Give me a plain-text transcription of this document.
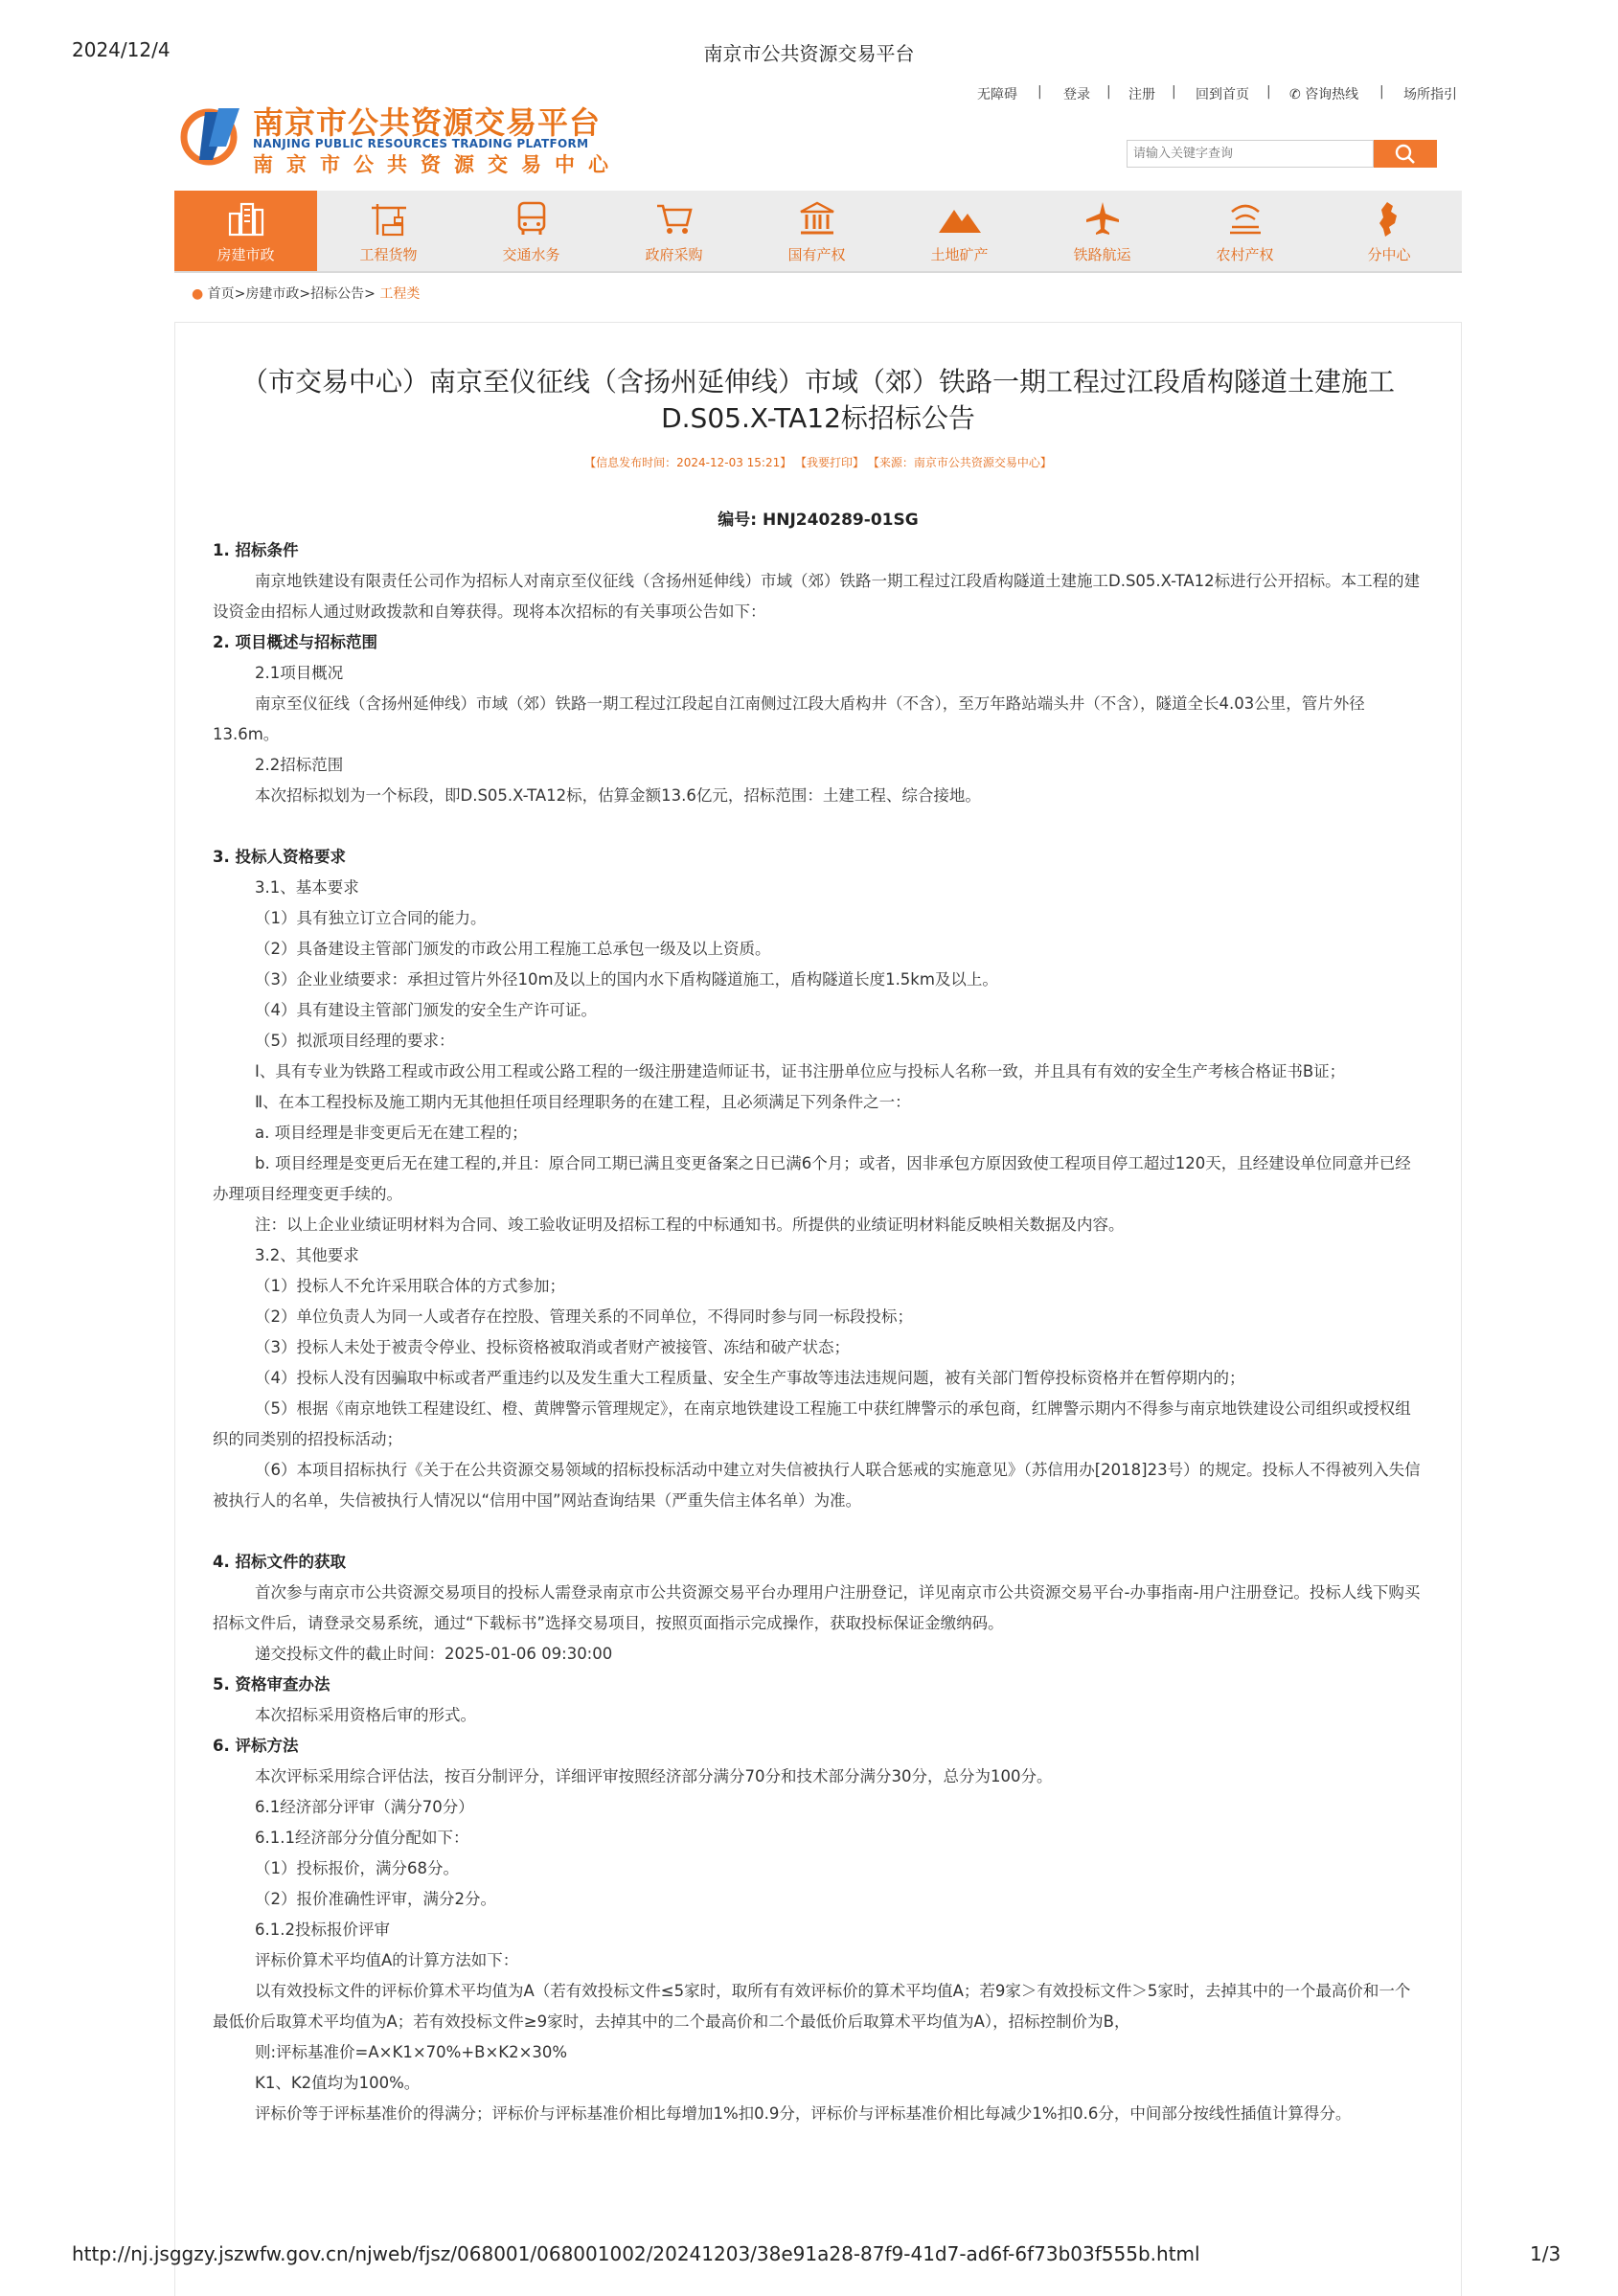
2024/12/4	南京市公共资源交易平台
南京市公共资源交易平台
NANJING PUBLIC RESOURCES TRADING PLATFORM
南京市公共资源交易中心
无障碍 | 登录 | 注册 | 回到首页 | ✆ 咨询热线 | 场所指引
请输入关键字查询
房建市政	工程货物	交通水务	政府采购	国有产权	土地矿产	铁路航运	农村产权	分中心
● 首页>房建市政>招标公告> 工程类
（市交易中心）南京至仪征线（含扬州延伸线）市域（郊）铁路一期工程过江段盾构隧道土建施工
D.S05.X-TA12标招标公告
【信息发布时间：2024-12-03 15:21】 【我要打印】 【来源：南京市公共资源交易中心】
编号: HNJ240289-01SG

1. 招标条件

南京地铁建设有限责任公司作为招标人对南京至仪征线（含扬州延伸线）市域（郊）铁路一期工程过江段盾构隧道土建施工D.S05.X-TA12标进行公开招标。本工程的建设资金由招标人通过财政拨款和自筹获得。现将本次招标的有关事项公告如下：

2. 项目概述与招标范围

2.1项目概况

南京至仪征线（含扬州延伸线）市域（郊）铁路一期工程过江段起自江南侧过江段大盾构井（不含），至万年路站端头井（不含），隧道全长4.03公里，管片外径13.6m。

2.2招标范围

本次招标拟划为一个标段，即D.S05.X-TA12标，估算金额13.6亿元，招标范围：土建工程、综合接地。

3. 投标人资格要求

3.1、基本要求

（1）具有独立订立合同的能力。

（2）具备建设主管部门颁发的市政公用工程施工总承包一级及以上资质。

（3）企业业绩要求：承担过管片外径10m及以上的国内水下盾构隧道施工，盾构隧道长度1.5km及以上。

（4）具有建设主管部门颁发的安全生产许可证。

（5）拟派项目经理的要求：

Ⅰ、具有专业为铁路工程或市政公用工程或公路工程的一级注册建造师证书，证书注册单位应与投标人名称一致，并且具有有效的安全生产考核合格证书B证；

Ⅱ、在本工程投标及施工期内无其他担任项目经理职务的在建工程，且必须满足下列条件之一：

a. 项目经理是非变更后无在建工程的；

b. 项目经理是变更后无在建工程的,并且：原合同工期已满且变更备案之日已满6个月；或者，因非承包方原因致使工程项目停工超过120天，且经建设单位同意并已经办理项目经理变更手续的。

注：以上企业业绩证明材料为合同、竣工验收证明及招标工程的中标通知书。所提供的业绩证明材料能反映相关数据及内容。

3.2、其他要求

（1）投标人不允许采用联合体的方式参加；

（2）单位负责人为同一人或者存在控股、管理关系的不同单位，不得同时参与同一标段投标；

（3）投标人未处于被责令停业、投标资格被取消或者财产被接管、冻结和破产状态；

（4）投标人没有因骗取中标或者严重违约以及发生重大工程质量、安全生产事故等违法违规问题，被有关部门暂停投标资格并在暂停期内的；

（5）根据《南京地铁工程建设红、橙、黄牌警示管理规定》，在南京地铁建设工程施工中获红牌警示的承包商，红牌警示期内不得参与南京地铁建设公司组织或授权组织的同类别的招投标活动；

（6）本项目招标执行《关于在公共资源交易领域的招标投标活动中建立对失信被执行人联合惩戒的实施意见》（苏信用办[2018]23号）的规定。投标人不得被列入失信被执行人的名单，失信被执行人情况以“信用中国”网站查询结果（严重失信主体名单）为准。

4. 招标文件的获取

首次参与南京市公共资源交易项目的投标人需登录南京市公共资源交易平台办理用户注册登记，详见南京市公共资源交易平台-办事指南-用户注册登记。投标人线下购买招标文件后，请登录交易系统，通过“下载标书”选择交易项目，按照页面指示完成操作，获取投标保证金缴纳码。

递交投标文件的截止时间：2025-01-06 09:30:00

5. 资格审查办法

本次招标采用资格后审的形式。

6. 评标方法

本次评标采用综合评估法，按百分制评分，详细评审按照经济部分满分70分和技术部分满分30分，总分为100分。

6.1经济部分评审（满分70分）

6.1.1经济部分分值分配如下：

（1）投标报价，满分68分。

（2）报价准确性评审，满分2分。

6.1.2投标报价评审

评标价算术平均值A的计算方法如下：

以有效投标文件的评标价算术平均值为A（若有效投标文件≤5家时，取所有有效评标价的算术平均值A；若9家＞有效投标文件＞5家时，去掉其中的一个最高价和一个最低价后取算术平均值为A；若有效投标文件≥9家时，去掉其中的二个最高价和二个最低价后取算术平均值为A），招标控制价为B，

则:评标基准价=A×K1×70%+B×K2×30%

K1、K2值均为100%。

评标价等于评标基准价的得满分；评标价与评标基准价相比每增加1%扣0.9分，评标价与评标基准价相比每减少1%扣0.6分，中间部分按线性插值计算得分。

http://nj.jsggzy.jszwfw.gov.cn/njweb/fjsz/068001/068001002/20241203/38e91a28-87f9-41d7-ad6f-6f73b03f555b.html	1/3
